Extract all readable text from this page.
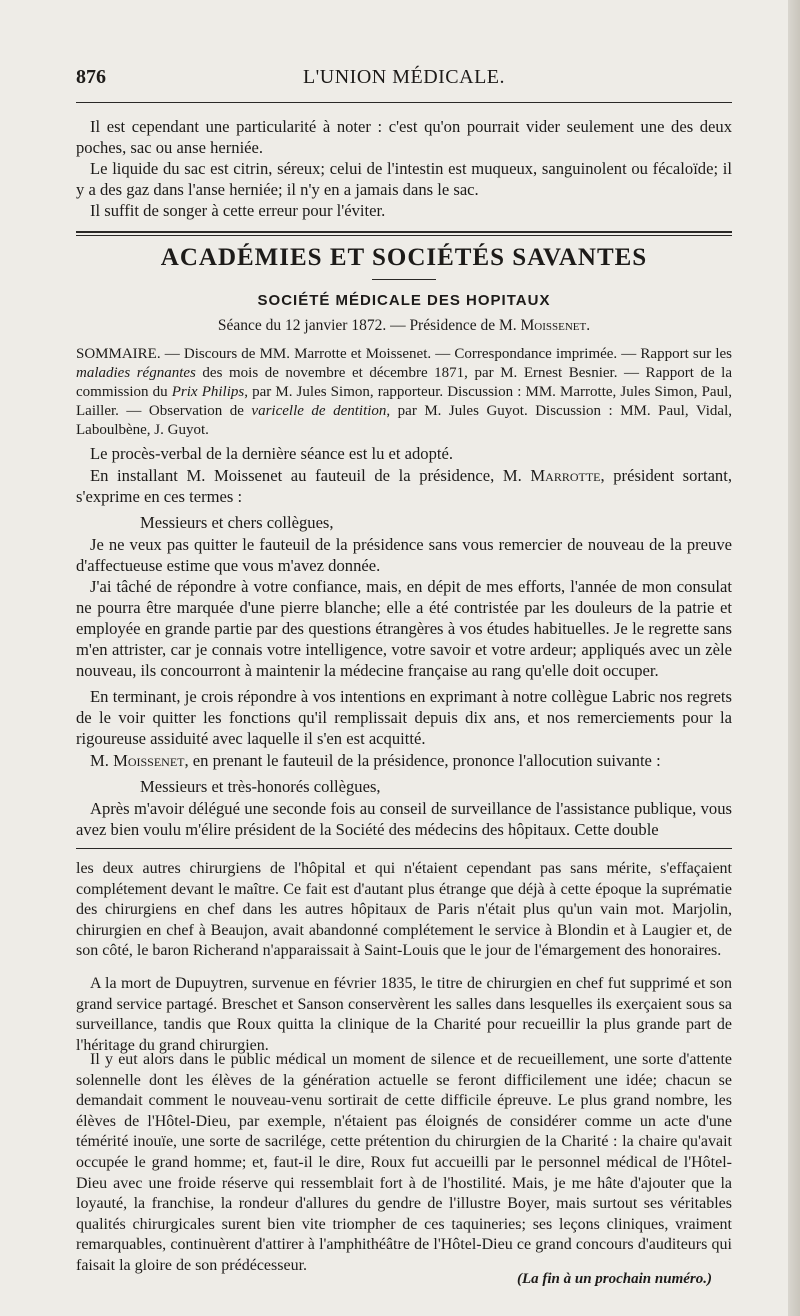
876	L'UNION MÉDICALE.

Il est cependant une particularité à noter : c'est qu'on pourrait vider seulement une des deux poches, sac ou anse herniée.

Le liquide du sac est citrin, séreux; celui de l'intestin est muqueux, sanguinolent ou fécaloïde; il y a des gaz dans l'anse herniée; il n'y en a jamais dans le sac.

Il suffit de songer à cette erreur pour l'éviter.

ACADÉMIES ET SOCIÉTÉS SAVANTES
SOCIÉTÉ MÉDICALE DES HOPITAUX

Séance du 12 janvier 1872. — Présidence de M. Moissenet.

SOMMAIRE. — Discours de MM. Marrotte et Moissenet. — Correspondance imprimée. — Rapport sur les maladies régnantes des mois de novembre et décembre 1871, par M. Ernest Besnier. — Rapport de la commission du Prix Philips, par M. Jules Simon, rapporteur. Discussion : MM. Marrotte, Jules Simon, Paul, Lailler. — Observation de varicelle de dentition, par M. Jules Guyot. Discussion : MM. Paul, Vidal, Laboulbène, J. Guyot.

Le procès-verbal de la dernière séance est lu et adopté.

En installant M. Moissenet au fauteuil de la présidence, M. Marrotte, président sortant, s'exprime en ces termes :

Messieurs et chers collègues,

Je ne veux pas quitter le fauteuil de la présidence sans vous remercier de nouveau de la preuve d'affectueuse estime que vous m'avez donnée.

J'ai tâché de répondre à votre confiance, mais, en dépit de mes efforts, l'année de mon consulat ne pourra être marquée d'une pierre blanche; elle a été contristée par les douleurs de la patrie et employée en grande partie par des questions étrangères à vos études habituelles. Je le regrette sans m'en attrister, car je connais votre intelligence, votre savoir et votre ardeur; appliqués avec un zèle nouveau, ils concourront à maintenir la médecine française au rang qu'elle doit occuper.

En terminant, je crois répondre à vos intentions en exprimant à notre collègue Labric nos regrets de le voir quitter les fonctions qu'il remplissait depuis dix ans, et nos remerciements pour la rigoureuse assiduité avec laquelle il s'en est acquitté.

M. Moissenet, en prenant le fauteuil de la présidence, prononce l'allocution suivante :

Messieurs et très-honorés collègues,

Après m'avoir délégué une seconde fois au conseil de surveillance de l'assistance publique, vous avez bien voulu m'élire président de la Société des médecins des hôpitaux. Cette double

les deux autres chirurgiens de l'hôpital et qui n'étaient cependant pas sans mérite, s'effaçaient complétement devant le maître. Ce fait est d'autant plus étrange que déjà à cette époque la suprématie des chirurgiens en chef dans les autres hôpitaux de Paris n'était plus qu'un vain mot. Marjolin, chirurgien en chef à Beaujon, avait abandonné complétement le service à Blondin et à Laugier et, de son côté, le baron Richerand n'apparaissait à Saint-Louis que le jour de l'émargement des honoraires.

A la mort de Dupuytren, survenue en février 1835, le titre de chirurgien en chef fut supprimé et son grand service partagé. Breschet et Sanson conservèrent les salles dans lesquelles ils exerçaient sous sa surveillance, tandis que Roux quitta la clinique de la Charité pour recueillir la plus grande part de l'héritage du grand chirurgien.

Il y eut alors dans le public médical un moment de silence et de recueillement, une sorte d'attente solennelle dont les élèves de la génération actuelle se feront difficilement une idée; chacun se demandait comment le nouveau-venu sortirait de cette difficile épreuve. Le plus grand nombre, les élèves de l'Hôtel-Dieu, par exemple, n'étaient pas éloignés de considérer comme un acte d'une témérité inouïe, une sorte de sacrilége, cette prétention du chirurgien de la Charité : la chaire qu'avait occupée le grand homme; et, faut-il le dire, Roux fut accueilli par le personnel médical de l'Hôtel-Dieu avec une froide réserve qui ressemblait fort à de l'hostilité. Mais, je me hâte d'ajouter que la loyauté, la franchise, la rondeur d'allures du gendre de l'illustre Boyer, mais surtout ses véritables qualités chirurgicales surent bien vite triompher de ces taquineries; ses leçons cliniques, vraiment remarquables, continuèrent d'attirer à l'amphithéâtre de l'Hôtel-Dieu ce grand concours d'auditeurs qui faisait la gloire de son prédécesseur.

(La fin à un prochain numéro.)
